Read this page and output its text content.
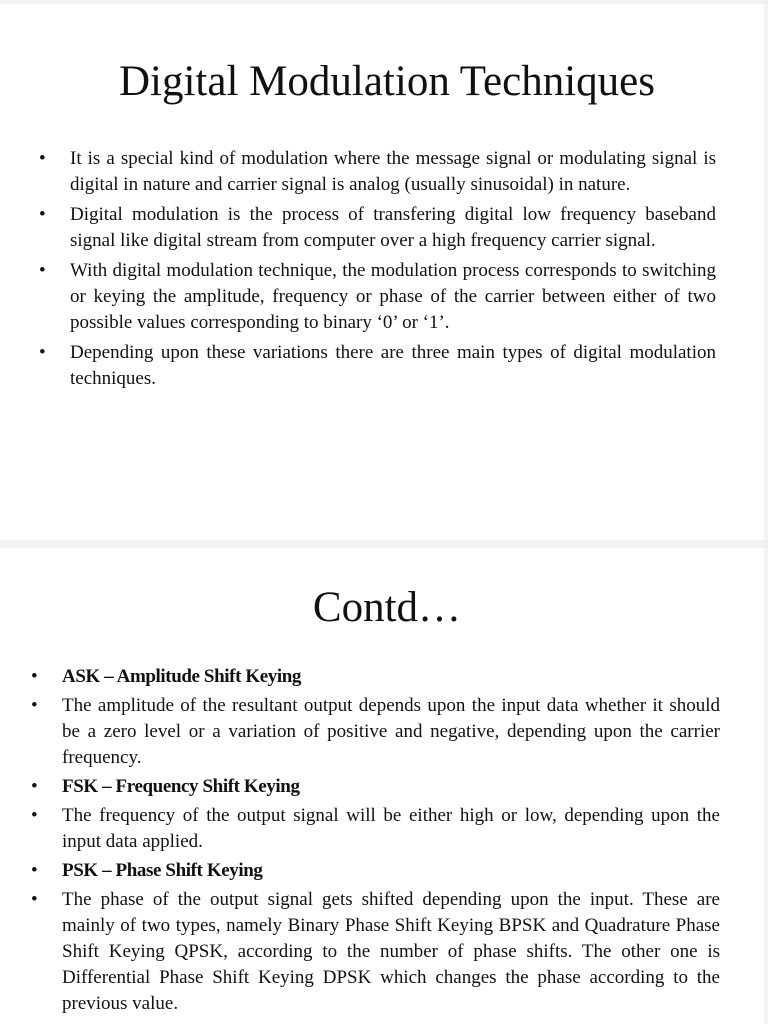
Digital Modulation Techniques
• It is a special kind of modulation where the message signal or modulating signal is digital in nature and carrier signal is analog (usually sinusoidal) in nature.
• Digital modulation is the process of transfering digital low frequency baseband signal like digital stream from computer over a high frequency carrier signal.
• With digital modulation technique, the modulation process corresponds to switching or keying the amplitude, frequency or phase of the carrier between either of two possible values corresponding to binary ‘0’ or ‘1’.
• Depending upon these variations there are three main types of digital modulation techniques.
Contd…
• ASK – Amplitude Shift Keying
• The amplitude of the resultant output depends upon the input data whether it should be a zero level or a variation of positive and negative, depending upon the carrier frequency.
• FSK – Frequency Shift Keying
• The frequency of the output signal will be either high or low, depending upon the input data applied.
• PSK – Phase Shift Keying
• The phase of the output signal gets shifted depending upon the input. These are mainly of two types, namely Binary Phase Shift Keying BPSK and Quadrature Phase Shift Keying QPSK, according to the number of phase shifts. The other one is Differential Phase Shift Keying DPSK which changes the phase according to the previous value.
